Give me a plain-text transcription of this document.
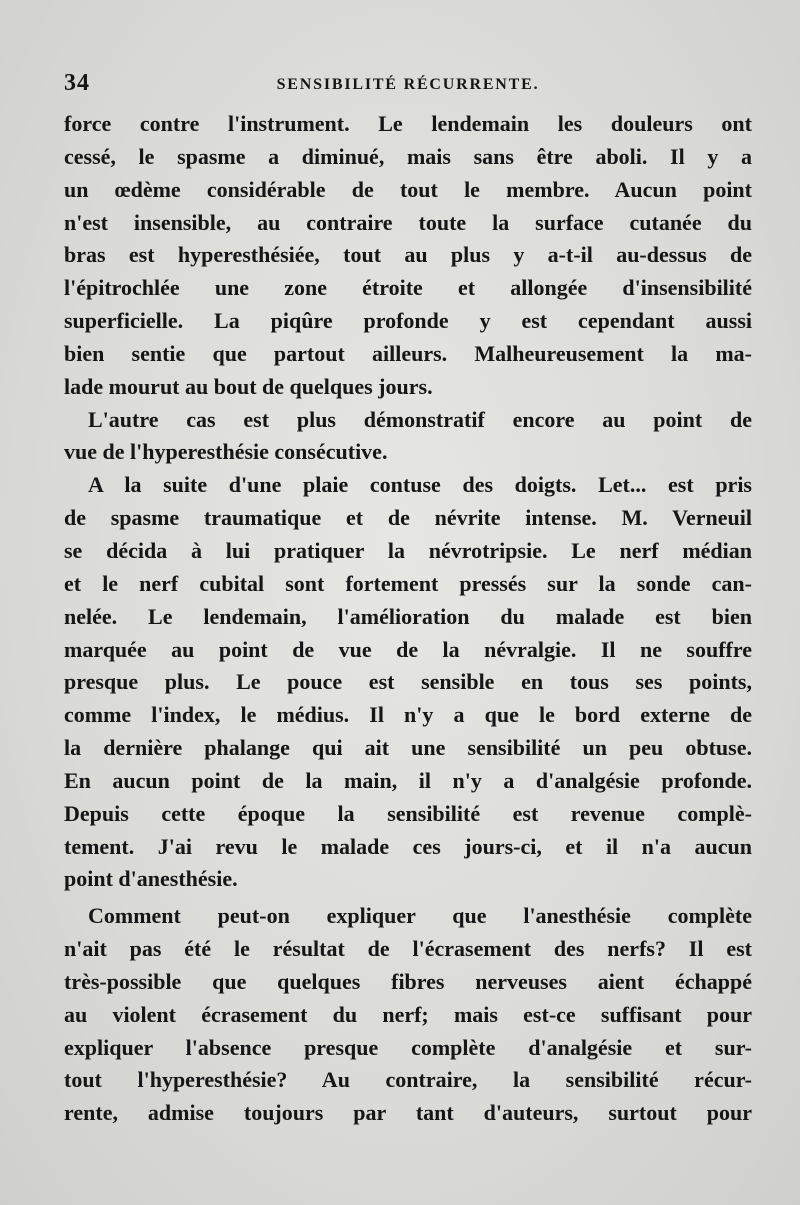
34	SENSIBILITÉ RÉCURRENTE.
force contre l'instrument. Le lendemain les douleurs ont
cessé, le spasme a diminué, mais sans être aboli. Il y a
un œdème considérable de tout le membre. Aucun point
n'est insensible, au contraire toute la surface cutanée du
bras est hyperesthésiée, tout au plus y a-t-il au-dessus de
l'épitrochlée une zone étroite et allongée d'insensibilité
superficielle. La piqûre profonde y est cependant aussi
bien sentie que partout ailleurs. Malheureusement la ma-
lade mourut au bout de quelques jours.
L'autre cas est plus démonstratif encore au point de
vue de l'hyperesthésie consécutive.
A la suite d'une plaie contuse des doigts. Let... est pris
de spasme traumatique et de névrite intense. M. Verneuil
se décida à lui pratiquer la névrotripsie. Le nerf médian
et le nerf cubital sont fortement pressés sur la sonde can-
nelée. Le lendemain, l'amélioration du malade est bien
marquée au point de vue de la névralgie. Il ne souffre
presque plus. Le pouce est sensible en tous ses points,
comme l'index, le médius. Il n'y a que le bord externe de
la dernière phalange qui ait une sensibilité un peu obtuse.
En aucun point de la main, il n'y a d'analgésie profonde.
Depuis cette époque la sensibilité est revenue complè-
tement. J'ai revu le malade ces jours-ci, et il n'a aucun
point d'anesthésie.
Comment peut-on expliquer que l'anesthésie complète
n'ait pas été le résultat de l'écrasement des nerfs? Il est
très-possible que quelques fibres nerveuses aient échappé
au violent écrasement du nerf; mais est-ce suffisant pour
expliquer l'absence presque complète d'analgésie et sur-
tout l'hyperesthésie? Au contraire, la sensibilité récur-
rente, admise toujours par tant d'auteurs, surtout pour
